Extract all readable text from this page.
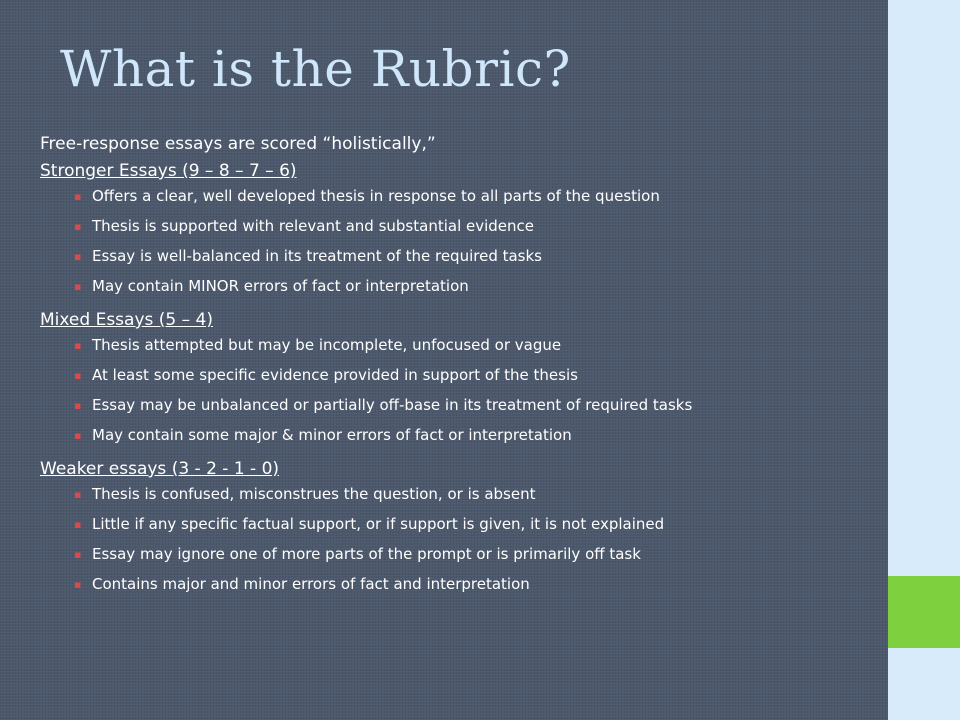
What is the Rubric?

Free-response essays are scored “holistically,”

Stronger Essays (9 – 8 – 7 – 6)

▪ Offers a clear, well developed thesis in response to all parts of the question
▪ Thesis is supported with relevant and substantial evidence
▪ Essay is well-balanced in its treatment of the required tasks
▪ May contain MINOR errors of fact or interpretation

Mixed Essays (5 – 4)

▪ Thesis attempted but may be incomplete, unfocused or vague
▪ At least some specific evidence provided in support of the thesis
▪ Essay may be unbalanced or partially off-base in its treatment of required tasks
▪ May contain some major & minor errors of fact or interpretation

Weaker essays (3 - 2 - 1 - 0)

▪ Thesis is confused, misconstrues the question, or is absent
▪ Little if any specific factual support, or if support is given, it is not explained
▪ Essay may ignore one of more parts of the prompt or is primarily off task
▪ Contains major and minor errors of fact and interpretation
